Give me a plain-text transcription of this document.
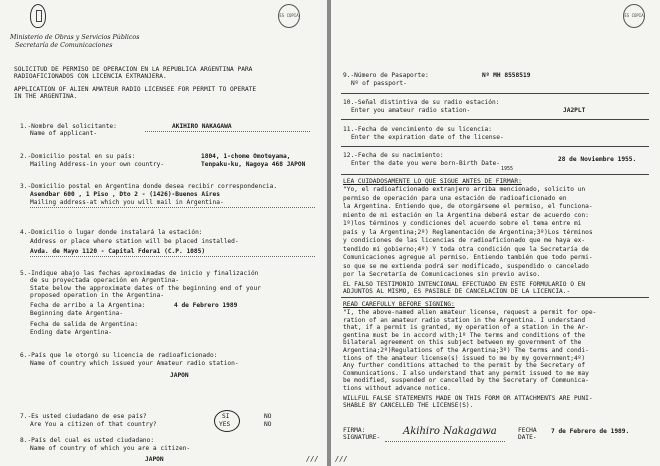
ES COPIA
Ministerio de Obras y Servicios Públicos
Secretaría de Comunicaciones
SOLICITUD DE PERMISO DE OPERACION EN LA REPUBLICA ARGENTINA PARA
RADIOAFICIONADOS CON LICENCIA EXTRANJERA.
APPLICATION OF ALIEN AMATEUR RADIO LICENSEE FOR PERMIT TO OPERATE
IN THE ARGENTINA.
1.-Nombre del solicitante:
Name of applicant-
AKIHIRO NAKAGAWA
2.-Domicilio postal en su país:
Mailing Address-in your own country-
1804, 1-chome Omoteyama,
Tenpaku-ku, Nagoya 468 JAPON
3.-Domicilio postal en Argentina donde desea recibir correspondencia.
Asendbar 600 , 1 Piso , Dto 2 - (1426)-Buenos Aires
Mailing address-at which you will mail in Argentina-
4.-Domicilio o lugar donde instalará la estación:
Address or place where station will be placed installed-
Avda. de Mayo 1120 - Capital Fdera1 (C.P. 1085)
5.-Indique abajo las fechas aproximadas de inicio y finalización
de su proyectada operación en Argentina-
State below the approximate dates of the beginning end of your
proposed operation in the Argentina-
Fecha de arribo a la Argentina:	4 de Febrero 1989
Beginning date Argentina-
Fecha de salida de Argentina:
Ending date Argentina-
6.-País que le otorgó su licencia de radioaficionado:
Name of country which issued your Amateur radio station-
JAPON
7.-Es usted ciudadano de ese país?
Are You a citizen of that country?
SI
YES
NO
NO
8.-País del cual es usted ciudadano:
Name of country of which you are a citizen-
JAPON	///
ES COPIA
9.-Número de Pasaporte:
Nº of passport-
Nº MH 8558519
10.-Señal distintiva de su radio estación:
Enter you amateur radio station-	JA2PLT
11.-Fecha de vencimiento de su licencia:
Enter the expiration date of the license-
12.-Fecha de su nacimiento:
Enter the date you were born-Birth Date-
1955
28 de Noviembre 1955.
LEA CUIDADOSAMENTE LO QUE SIGUE ANTES DE FIRMAR:
"Yo, el radioaficionado extranjero arriba mencionado, solicito un
permiso de operación para una estación de radioaficionado en
la Argentina. Entiendo que, de otorgárseme el permiso, el funciona-
miento de mi estación en la Argentina deberá estar de acuerdo con:
1º)los términos y condiciones del acuerdo sobre el tema entre mi
país y la Argentina;2º) Reglamentación de Argentina;3º)Los términos
y condiciones de las licencias de radioaficionado que me haya ex-
tendido mi gobierno;4º) Y toda otra condición que la Secretaría de
Comunicaciones agregue al permiso. Entiendo también que todo permi-
so que se me extienda podrá ser modificado, suspendido o cancelado
por la Secretaría de Comunicaciones sin previo aviso.
EL FALSO TESTIMONIO INTENCIONAL EFECTUADO EN ESTE FORMULARIO O EN
ADJUNTOS AL MISMO, ES PASIBLE DE CANCELACION DE LA LICENCIA.-
READ CAREFULLY BEFORE SIGNING:
"I, the above-named alien amateur license, request a permit for ope-
ration of an amateur radio station in the Argentina. I understand
that, if a permit is granted, my operation of a station in the Ar-
gentina must be in accord with;1º The terms and conditions of the
bilateral agreement on this subject between my government of the
Argentina;2º)Regulations of the Argentina;3º) The terms and condi-
tions of the amateur license(s) issued to me by my government;4º)
Any further conditions attached to the permit by the Secretary of
Communications. I also understand that any permit issued to me may
be modified, suspended or cancelled by the Secretary of Communica-
tions without advance notice.
WILLFUL FALSE STATEMENTS MADE ON THIS FORM OR ATTACHMENTS ARE PUNI-
SHABLE BY CANCELLED THE LICENSE(S).
FIRMA:
SIGNATURE-
Akihiro Nakagawa	FECHA
DATE-
7 de Febrero de 1989.
///
